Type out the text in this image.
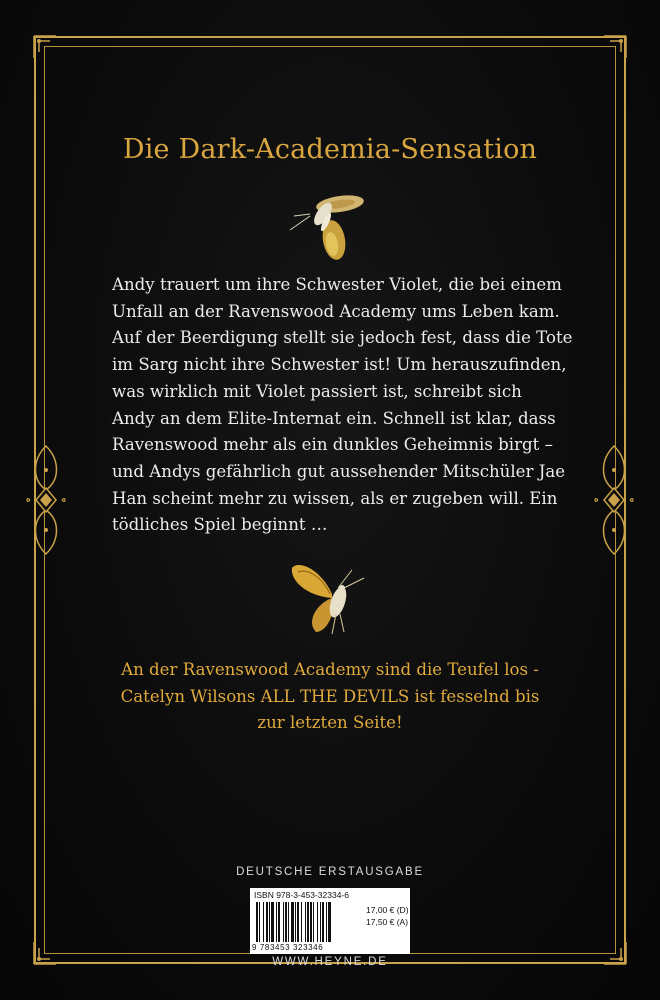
Die Dark-Academia-Sensation
Andy trauert um ihre Schwester Violet, die bei einem
Unfall an der Ravenswood Academy ums Leben kam.
Auf der Beerdigung stellt sie jedoch fest, dass die Tote
im Sarg nicht ihre Schwester ist! Um herauszufinden,
was wirklich mit Violet passiert ist, schreibt sich
Andy an dem Elite-Internat ein. Schnell ist klar, dass
Ravenswood mehr als ein dunkles Geheimnis birgt –
und Andys gefährlich gut aussehender Mitschüler Jae
Han scheint mehr zu wissen, als er zugeben will. Ein
tödliches Spiel beginnt …
An der Ravenswood Academy sind die Teufel los -
Catelyn Wilsons ALL THE DEVILS ist fesselnd bis
zur letzten Seite!
DEUTSCHE ERSTAUSGABE
ISBN 978-3-453-32334-6
17,00 € (D)
17,50 € (A)
9 783453 323346
WWW.HEYNE.DE
